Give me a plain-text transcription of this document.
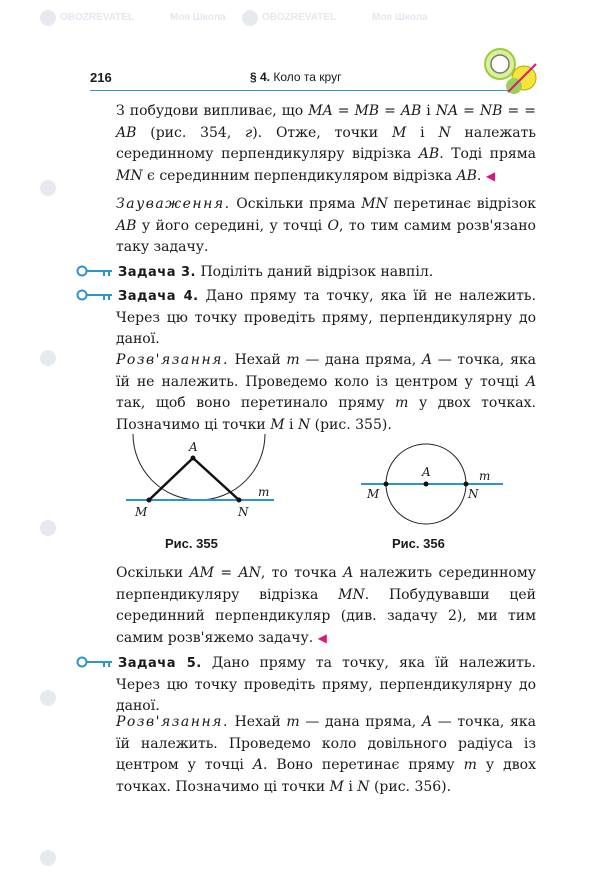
OBOZREVATEL	Моя Школа	OBOZREVATEL	Моя Школа
216	§ 4. Коло та круг

З побудови випливає, що MA = MB = AB і NA = NB = = AB (рис. 354, г). Отже, точки M і N належать серединному перпендикуляру відрізка AB. Тоді пряма MN є серединним перпендикуляром відрізка AB. ◀

Зауваження. Оскільки пряма MN перетинає відрізок AB у його середині, у точці O, то тим самим розв'язано таку задачу.

Задача 3. Поділіть даний відрізок навпіл.

Задача 4. Дано пряму та точку, яка їй не належить. Через цю точку проведіть пряму, перпендикулярну до даної.

Розв'язання. Нехай m — дана пряма, A — точка, яка їй не належить. Проведемо коло із центром у точці A так, щоб воно перетинало пряму m у двох точках. Позначимо ці точки M і N (рис. 355).

A
M	N
m
Рис. 355
A
M	N
m
Рис. 356

Оскільки AM = AN, то точка A належить серединному перпендикуляру відрізка MN. Побудувавши цей серединний перпендикуляр (див. задачу 2), ми тим самим розв'яжемо задачу. ◀

Задача 5. Дано пряму та точку, яка їй належить. Через цю точку проведіть пряму, перпендикулярну до даної.

Розв'язання. Нехай m — дана пряма, A — точка, яка їй належить. Проведемо коло довільного радіуса із центром у точці A. Воно перетинає пряму m у двох точках. Позначимо ці точки M і N (рис. 356).
